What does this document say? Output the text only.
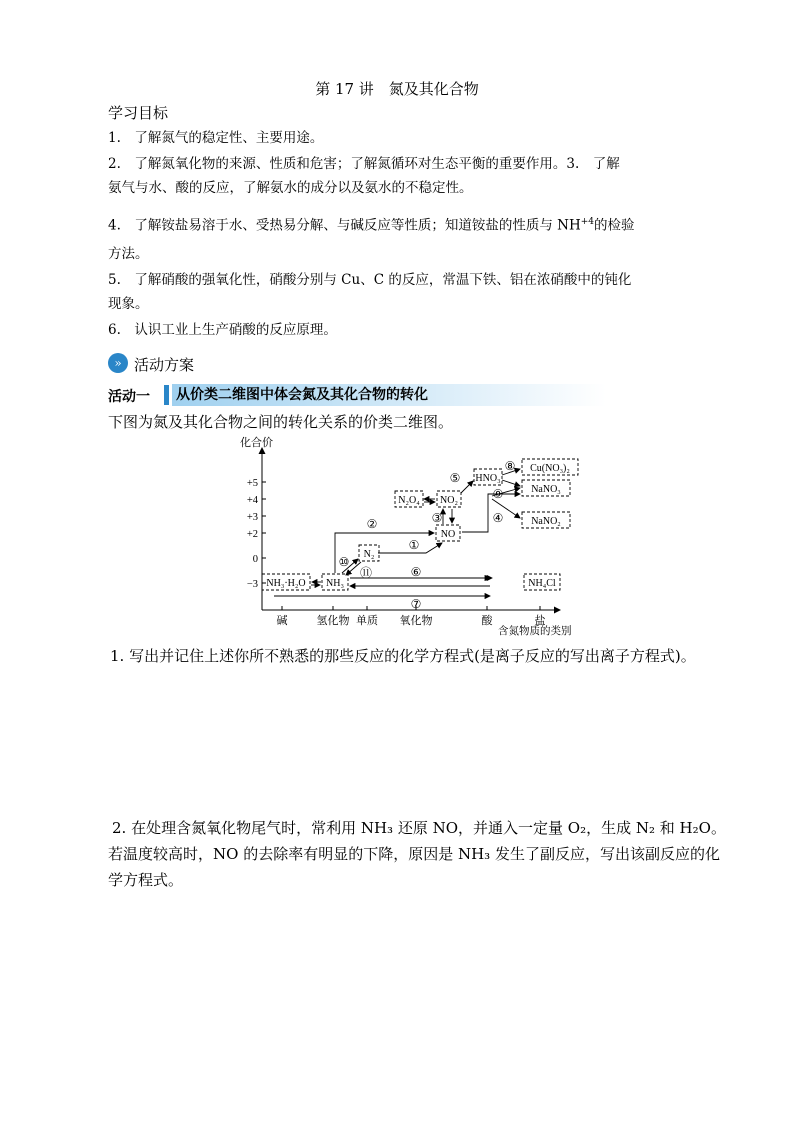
第 17 讲　氮及其化合物
学习目标
1.　了解氮气的稳定性、主要用途。
2.　了解氮氧化物的来源、性质和危害；了解氮循环对生态平衡的重要作用。3.　了解
氨气与水、酸的反应，了解氨水的成分以及氨水的不稳定性。
4.　了解铵盐易溶于水、受热易分解、与碱反应等性质；知道铵盐的性质与 $NH^{+4}$的检验
方法。
5.　了解硝酸的强氧化性，硝酸分别与 Cu、C 的反应，常温下铁、铝在浓硝酸中的钝化
现象。
6.　认识工业上生产硝酸的反应原理。
» 活动方案
活动一 从价类二维图中体会氮及其化合物的转化
下图为氮及其化合物之间的转化关系的价类二维图。
化合价
含氮物质的类别
+5
+4
+3
+2
0
−3
碱	氢化物 单质 氧化物	酸	盐
NH₃·H₂O NH₃
N₂
NO
NO₂
N₂O₄
HNO₃
Cu(NO₃)₂
NaNO₃
NaNO₂
NH₄Cl
①
②	③	④
⑤
⑥
⑦
⑧
⑨
⑩
⑪
1. 写出并记住上述你所不熟悉的那些反应的化学方程式(是离子反应的写出离子方程式)。
2. 在处理含氮氧化物尾气时，常利用 NH₃ 还原 NO，并通入一定量 O₂，生成 N₂ 和 H₂O。
若温度较高时，NO 的去除率有明显的下降，原因是 NH₃ 发生了副反应，写出该副反应的化
学方程式。
